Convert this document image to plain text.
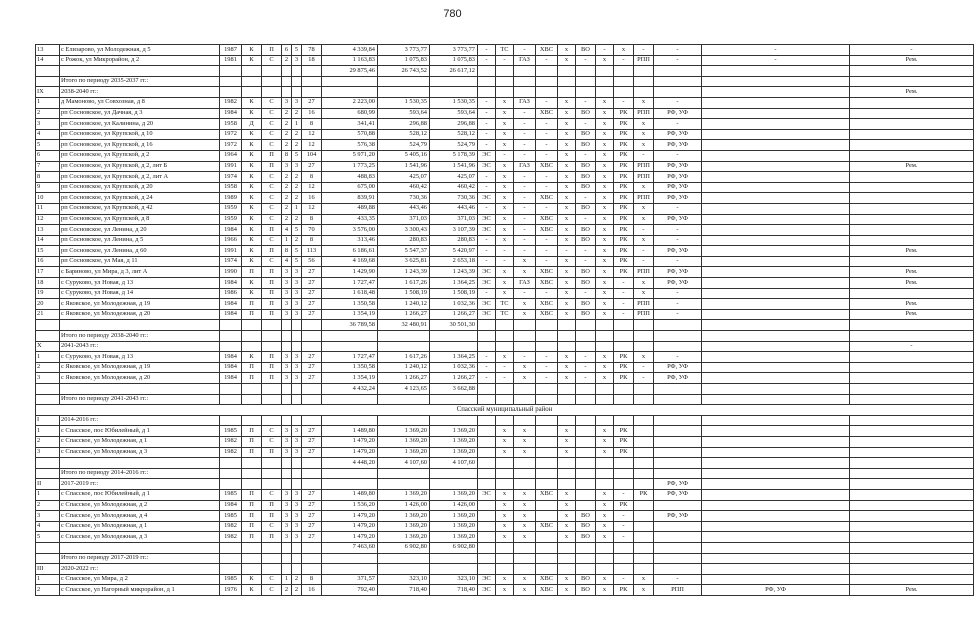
780
13	с Елизарово, ул Молодежная, д 5	1987	К	П	6	5	78	4 339,84	3 773,77	3 773,77	-	ТС	-	ХВС	х	ВО	-	х	-	-	-	-
14	с Рожок, ул Микрорайон, д 2	1981	К	С	2	3	18	1 163,83	1 075,83	1 075,83	-	-	ГАЗ	-	х	-	х	-	РПП	-	-	Рем.
								29 875,46	26 743,52	26 617,12												
	Итого по периоду 2035-2037 гг.:																					
IX	2038-2040 гг.:																					Рем.
1	д Мамоново, ул Совхозная, д 8	1982	К	С	3	3	27	2 223,00	1 530,35	1 530,35	-	х	ГАЗ	-	х	-	х	-	х	-		
2	рп Сосновское, ул Дачная, д 3	1984	К	С	2	2	16	680,99	593,64	593,64	-	х	-	ХВС	х	ВО	х	РК	РПП	РФ, УФ		
3	рп Сосновское, ул Калинина, д 20	1958	Д	С	2	1	8	341,41	296,88	296,88	-	х	-	-	х	-	х	РК	х	-		
4	рп Сосновское, ул Крупской, д 10	1972	К	С	2	2	12	570,88	528,12	528,12	-	х	-	-	х	ВО	х	РК	х	РФ, УФ		
5	рп Сосновское, ул Крупской, д 16	1972	К	С	2	2	12	576,38	524,79	524,79	-	х	-	-	х	ВО	х	РК	х	РФ, УФ		
6	рп Сосновское, ул Крупской, д 2	1964	К	П	8	5	104	5 971,20	5 405,16	5 178,39	ЭС	-	-	-	х	-	х	РК	-	-		
7	рп Сосновское, ул Крупской, д 2, лит Б	1991	К	П	3	3	27	1 773,25	1 541,96	1 541,96	ЭС	х	ГАЗ	ХВС	х	ВО	х	РК	РПП	РФ, УФ		Рем.
8	рп Сосновское, ул Крупской, д 2, лит А	1974	К	С	2	2	8	488,83	425,07	425,07	-	х	-	-	х	ВО	х	РК	РПП	РФ, УФ		
9	рп Сосновское, ул Крупской, д 20	1958	К	С	2	2	12	675,00	460,42	460,42	-	х	-	-	х	ВО	х	РК	х	РФ, УФ		
10	рп Сосновское, ул Крупской, д 24	1989	К	С	2	2	16	839,91	730,36	730,36	ЭС	х	-	ХВС	х	-	х	РК	РПП	РФ, УФ		
11	рп Сосновское, ул Крупской, д 42	1959	К	С	2	1	12	489,88	443,46	443,46	-	х	-	-	х	ВО	х	РК	х	-		
12	рп Сосновское, ул Крупской, д 8	1959	К	С	2	2	8	433,35	371,03	371,03	ЭС	х	-	ХВС	х	-	х	РК	х	РФ, УФ		
13	рп Сосновское, ул Ленина, д 20	1984	К	П	4	5	70	3 576,00	3 300,43	3 107,39	ЭС	х	-	ХВС	х	ВО	х	РК	-	-		
14	рп Сосновское, ул Ленина, д 5	1966	К	С	1	2	8	313,46	280,83	280,83	-	х	-	-	х	ВО	х	РК	х	-		
15	рп Сосновское, ул Ленина, д 60	1991	К	П	8	5	113	6 186,61	5 547,37	5 420,97	-	-	-	-	-	-	х	РК	-	РФ, УФ		Рем.
16	рп Сосновское, ул Мая, д 11	1974	К	С	4	5	56	4 169,68	3 625,81	2 653,18	-	-	х	-	х	-	х	РК	-	-		
17	с Бариново, ул Мира, д 3, лит А	1990	П	П	3	3	27	1 429,90	1 243,39	1 243,39	ЭС	х	х	ХВС	х	ВО	х	РК	РПП	РФ, УФ		Рем.
18	с Суруково, ул Новая, д 13	1984	К	П	3	3	27	1 727,47	1 617,26	1 364,25	ЭС	х	ГАЗ	ХВС	х	ВО	х	-	х	РФ, УФ		Рем.
19	с Суруково, ул Новая, д 14	1986	К	П	3	3	27	1 618,48	1 508,19	1 508,19	-	х	-	-	х	-	х	-	х	-		
20	с Яковское, ул Молодежная, д 19	1984	П	П	3	3	27	1 350,58	1 240,12	1 032,36	ЭС	ТС	х	ХВС	х	ВО	х	-	РПП	-		Рем.
21	с Яковское, ул Молодежная, д 20	1984	П	П	3	3	27	1 354,19	1 266,27	1 266,27	ЭС	ТС	х	ХВС	х	ВО	х	-	РПП	-		Рем.
								36 789,58	32 480,91	30 501,30												
	Итого по периоду 2038-2040 гг.:																					
X	2041-2043 гг.:																					-
1	с Суруково, ул Новая, д 13	1984	К	П	3	3	27	1 727,47	1 617,26	1 364,25	-	х	-	-	х	-	х	РК	х	-		
2	с Яковское, ул Молодежная, д 19	1984	П	П	3	3	27	1 350,58	1 240,12	1 032,36	-	-	х	-	х	-	х	РК	-	РФ, УФ		
3	с Яковское, ул Молодежная, д 20	1984	П	П	3	3	27	1 354,19	1 266,27	1 266,27	-	-	х	-	х	-	х	РК	-	РФ, УФ		
								4 432,24	4 123,65	3 662,88												
	Итого по периоду 2041-2043 гг.:																					
Спасский муниципальный район																						
I	2014-2016 гг.:																					
1	с Спасское, пос Юбилейный, д 1	1985	П	С	3	3	27	1 489,80	1 369,20	1 369,20		х	х		х		х	РК				
2	с Спасское, ул Молодежная, д 1	1982	П	С	3	3	27	1 479,20	1 369,20	1 369,20		х	х		х		х	РК				
3	с Спасское, ул Молодежная, д 3	1982	П	П	3	3	27	1 479,20	1 369,20	1 369,20		х	х		х		х	РК				
								4 448,20	4 107,60	4 107,60												
	Итого по периоду 2014-2016 гг.:																					
II	2017-2019 гг.:																			РФ, УФ		
1	с Спасское, пос Юбилейный, д 1	1985	П	С	3	3	27	1 489,80	1 369,20	1 369,20	ЭС	х	х	ХВС	х		х	-	РК	РФ, УФ		
2	с Спасское, ул Молодежная, д 2	1984	П	П	3	3	27	1 536,20	1 426,00	1 426,00		х	х		х		х	РК				
3	с Спасское, ул Молодежная, д 4	1985	П	П	3	3	27	1 479,20	1 369,20	1 369,20		х	х		х	ВО	х	-		РФ, УФ		
4	с Спасское, ул Молодежная, д 1	1982	П	С	3	3	27	1 479,20	1 369,20	1 369,20		х	х	ХВС	х	ВО	х	-				
5	с Спасское, ул Молодежная, д 3	1982	П	П	3	3	27	1 479,20	1 369,20	1 369,20		х	х		х	ВО	х	-				
								7 463,60	6 902,80	6 902,80												
	Итого по периоду 2017-2019 гг.:																					
III	2020-2022 гг.:																					
1	с Спасское, ул Мира, д 2	1985	К	С	1	2	8	371,57	323,10	323,10	ЭС	х	х	ХВС	х	ВО	х	-	х	-		
2	с Спасское, ул Нагорный микрорайон, д 1	1976	К	С	2	2	16	792,40	718,40	718,40	ЭС	х	х	ХВС	х	ВО	х	РК	х	РПП	РФ, УФ	Рем.
